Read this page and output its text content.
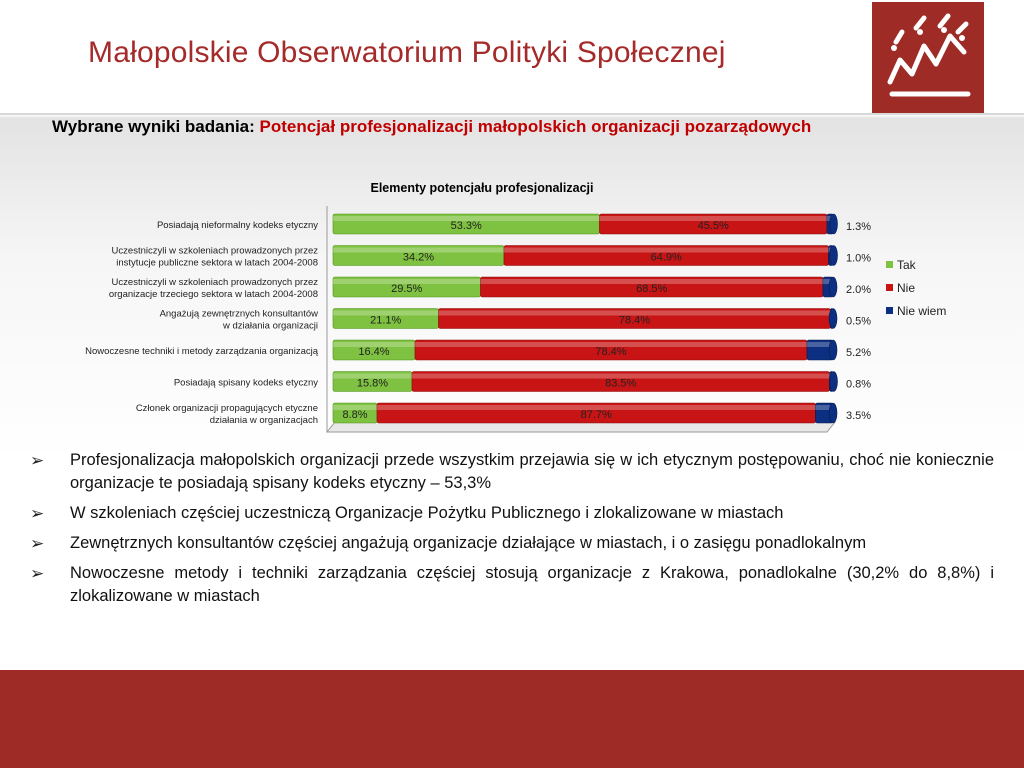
Małopolskie Obserwatorium Polityki Społecznej
Wybrane wyniki badania: Potencjał profesjonalizacji małopolskich organizacji pozarządowych
Elementy potencjału profesjonalizacji
53.3%	45.5%	1.3%
Posiadają nieformalny kodeks etyczny
34.2%	64.9%	1.0%
Uczestniczyli w szkoleniach prowadzonych przez
instytucje publiczne sektora w latach 2004-2008
29.5%	68.5%	2.0%
Uczestniczyli w szkoleniach prowadzonych przez
organizacje trzeciego sektora w latach 2004-2008
21.1%	78.4%	0.5%
Angażują zewnętrznych konsultantów
w działania organizacji
16.4%	78.4%	5.2%
Nowoczesne techniki i metody zarządzania organizacją
15.8%	83.5%	0.8%
Posiadają spisany kodeks etyczny
8.8%	87.7%	3.5%
Członek organizacji propagujących etyczne
działania w organizacjach
Tak
Nie
Nie wiem
➢ Profesjonalizacja małopolskich organizacji przede wszystkim przejawia się w ich etycznym postępowaniu, choć nie koniecznie organizacje te posiadają spisany kodeks etyczny – 53,3%
➢ W szkoleniach częściej uczestniczą Organizacje Pożytku Publicznego i zlokalizowane w miastach
➢ Zewnętrznych konsultantów częściej angażują organizacje działające w miastach, i o zasięgu ponadlokalnym
➢ Nowoczesne metody i techniki zarządzania częściej stosują organizacje z Krakowa, ponadlokalne (30,2% do 8,8%) i zlokalizowane w miastach
